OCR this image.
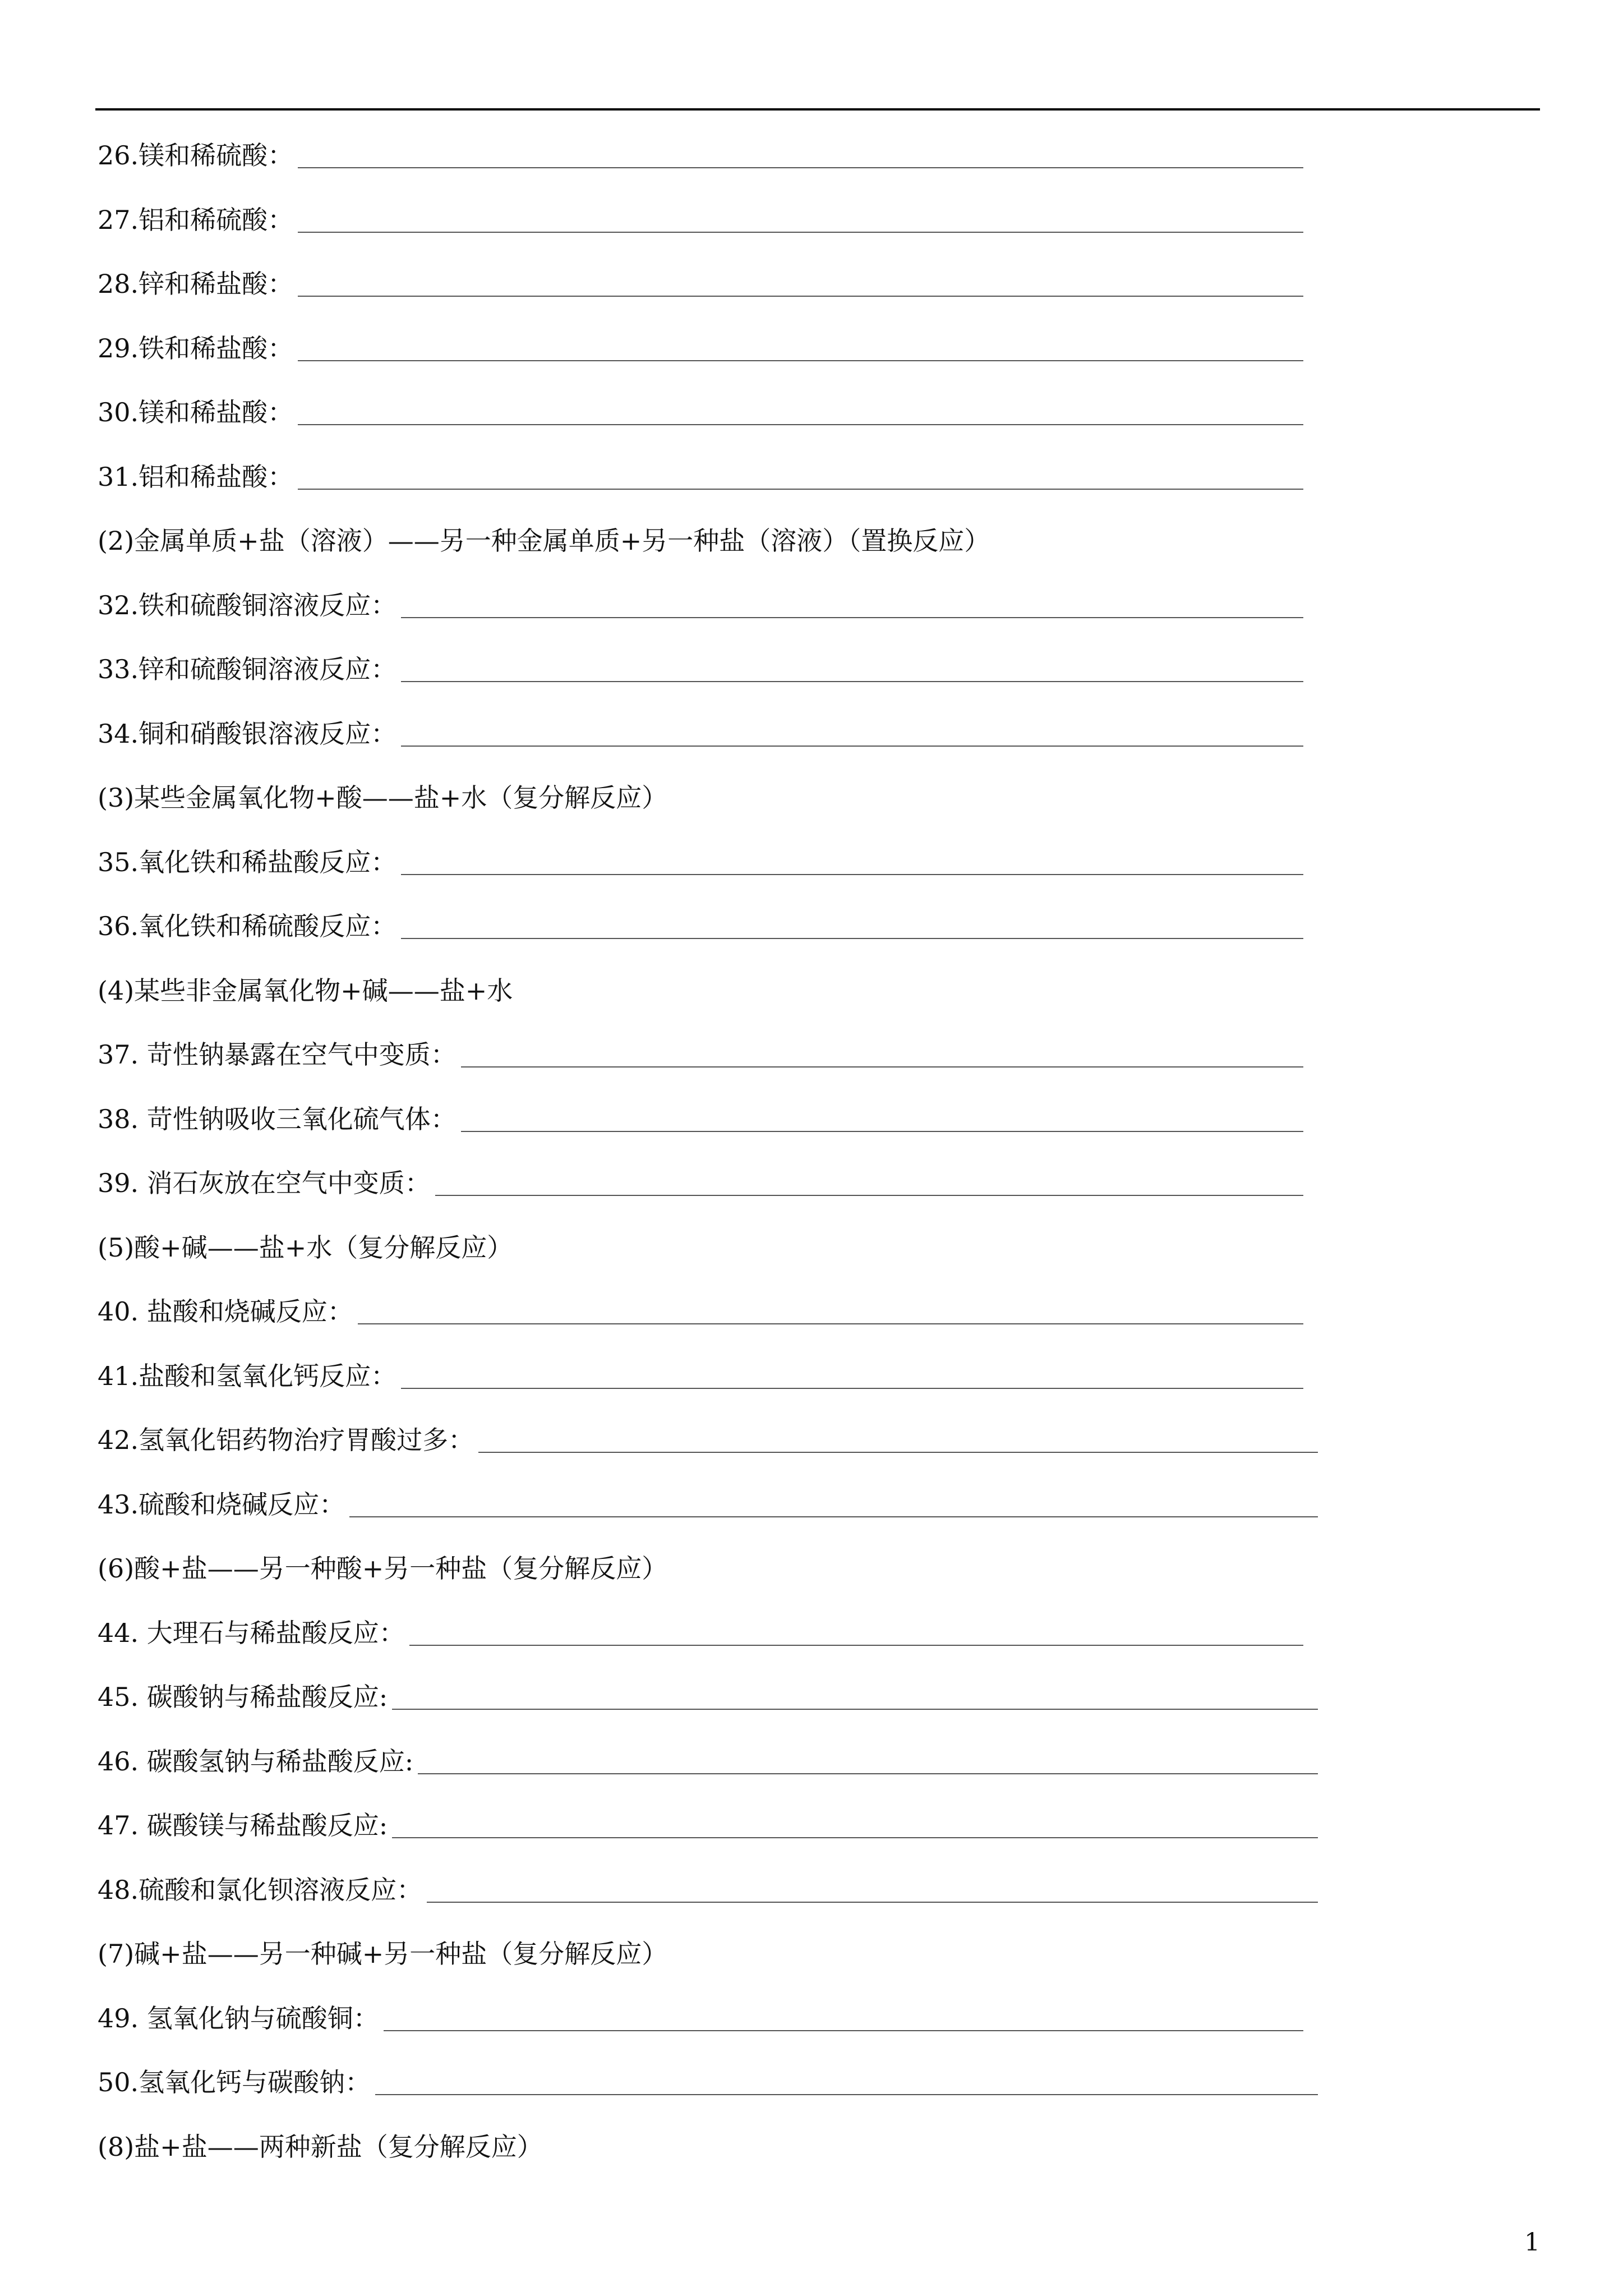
26.镁和稀硫酸：
27.铝和稀硫酸：
28.锌和稀盐酸：
29.铁和稀盐酸：
30.镁和稀盐酸：
31.铝和稀盐酸：
(2)金属单质+盐（溶液）——另一种金属单质+另一种盐（溶液）（置换反应）
32.铁和硫酸铜溶液反应：
33.锌和硫酸铜溶液反应：
34.铜和硝酸银溶液反应：
(3)某些金属氧化物+酸——盐+水（复分解反应）
35.氧化铁和稀盐酸反应：
36.氧化铁和稀硫酸反应：
(4)某些非金属氧化物+碱——盐+水
37. 苛性钠暴露在空气中变质：
38. 苛性钠吸收三氧化硫气体：
39. 消石灰放在空气中变质：
(5)酸+碱——盐+水（复分解反应）
40. 盐酸和烧碱反应：
41.盐酸和氢氧化钙反应：
42.氢氧化铝药物治疗胃酸过多：
43.硫酸和烧碱反应：
(6)酸+盐——另一种酸+另一种盐（复分解反应）
44. 大理石与稀盐酸反应：
45. 碳酸钠与稀盐酸反应:
46. 碳酸氢钠与稀盐酸反应:
47. 碳酸镁与稀盐酸反应:
48.硫酸和氯化钡溶液反应：
(7)碱+盐——另一种碱+另一种盐（复分解反应）
49. 氢氧化钠与硫酸铜：
50.氢氧化钙与碳酸钠：
(8)盐+盐——两种新盐（复分解反应）
1
